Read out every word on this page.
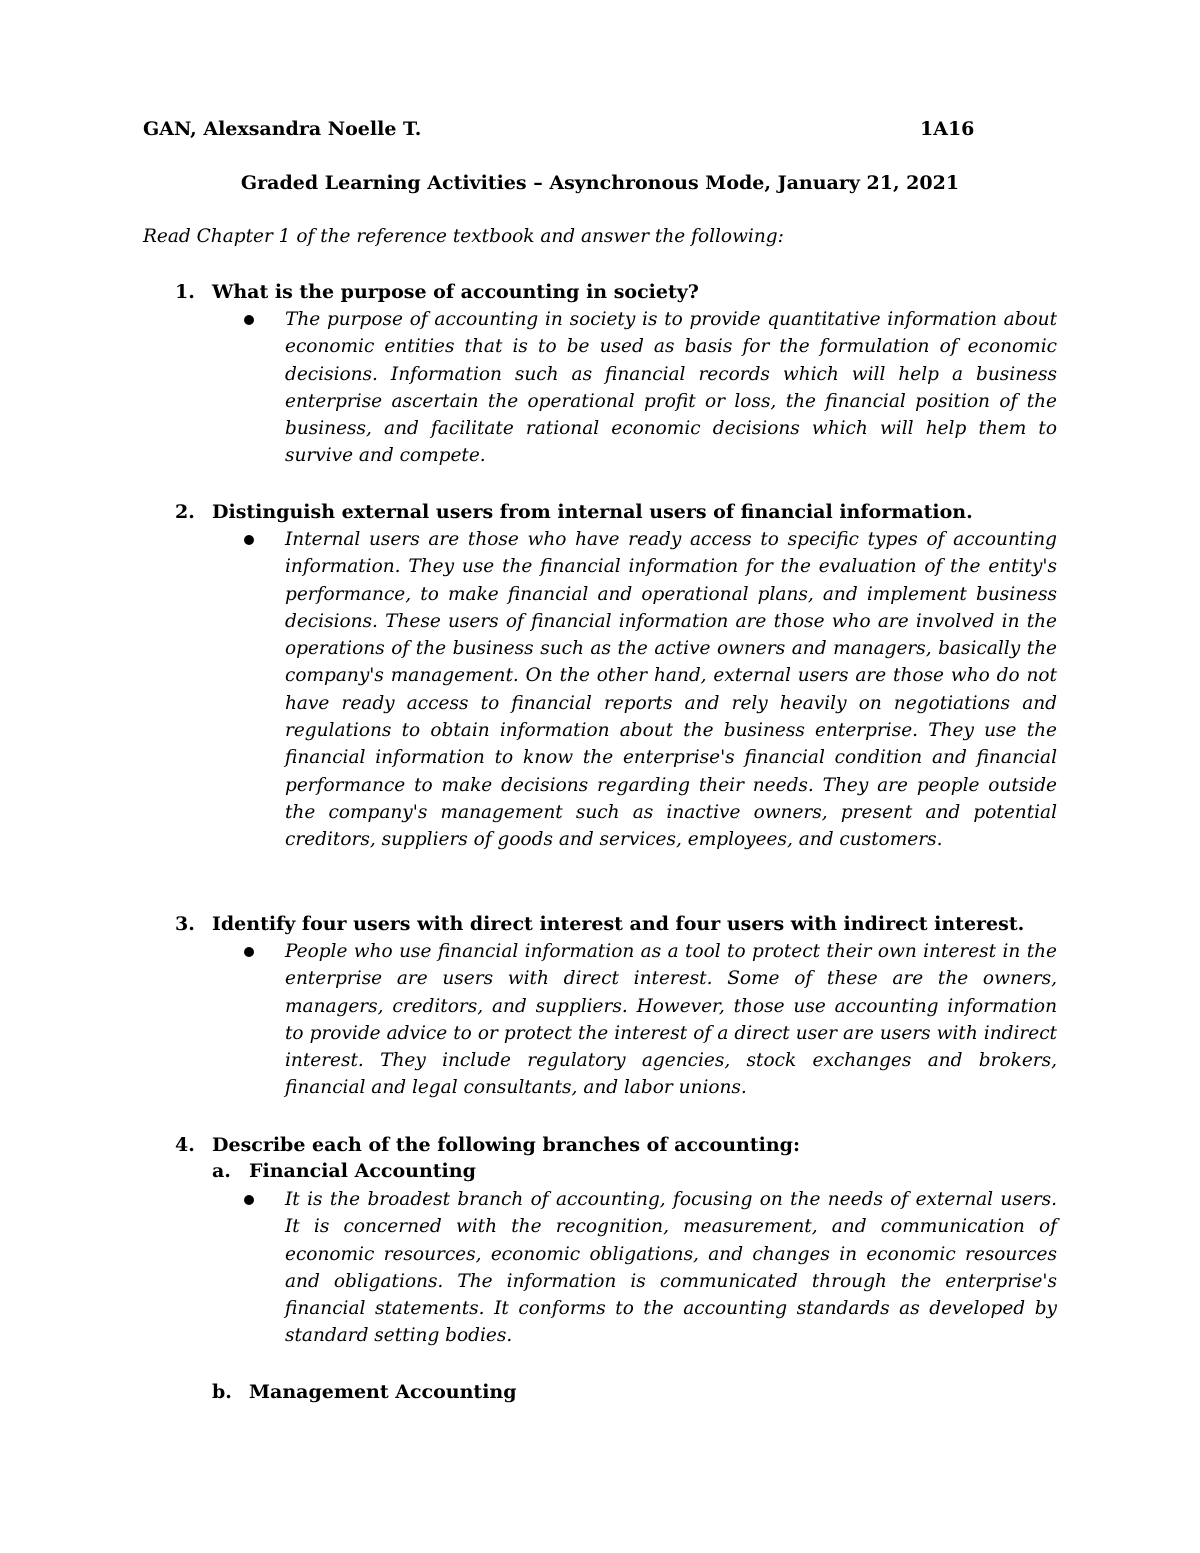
GAN, Alexsandra Noelle T.	1A16
Graded Learning Activities – Asynchronous Mode, January 21, 2021
Read Chapter 1 of the reference textbook and answer the following:
1. What is the purpose of accounting in society?

The purpose of accounting in society is to provide quantitative information about economic entities that is to be used as basis for the formulation of economic decisions. Information such as financial records which will help a business enterprise ascertain the operational profit or loss, the financial position of the business, and facilitate rational economic decisions which will help them to survive and compete.

2. Distinguish external users from internal users of financial information.

Internal users are those who have ready access to specific types of accounting information. They use the financial information for the evaluation of the entity's performance, to make financial and operational plans, and implement business decisions. These users of financial information are those who are involved in the operations of the business such as the active owners and managers, basically the company's management. On the other hand, external users are those who do not have ready access to financial reports and rely heavily on negotiations and regulations to obtain information about the business enterprise. They use the financial information to know the enterprise's financial condition and financial performance to make decisions regarding their needs. They are people outside the company's management such as inactive owners, present and potential creditors, suppliers of goods and services, employees, and customers.

3. Identify four users with direct interest and four users with indirect interest.

People who use financial information as a tool to protect their own interest in the enterprise are users with direct interest. Some of these are the owners, managers, creditors, and suppliers. However, those use accounting information to provide advice to or protect the interest of a direct user are users with indirect interest. They include regulatory agencies, stock exchanges and brokers, financial and legal consultants, and labor unions.

4. Describe each of the following branches of accounting:
a. Financial Accounting

It is the broadest branch of accounting, focusing on the needs of external users. It is concerned with the recognition, measurement, and communication of economic resources, economic obligations, and changes in economic resources and obligations. The information is communicated through the enterprise's financial statements. It conforms to the accounting standards as developed by standard setting bodies.

b. Management Accounting
